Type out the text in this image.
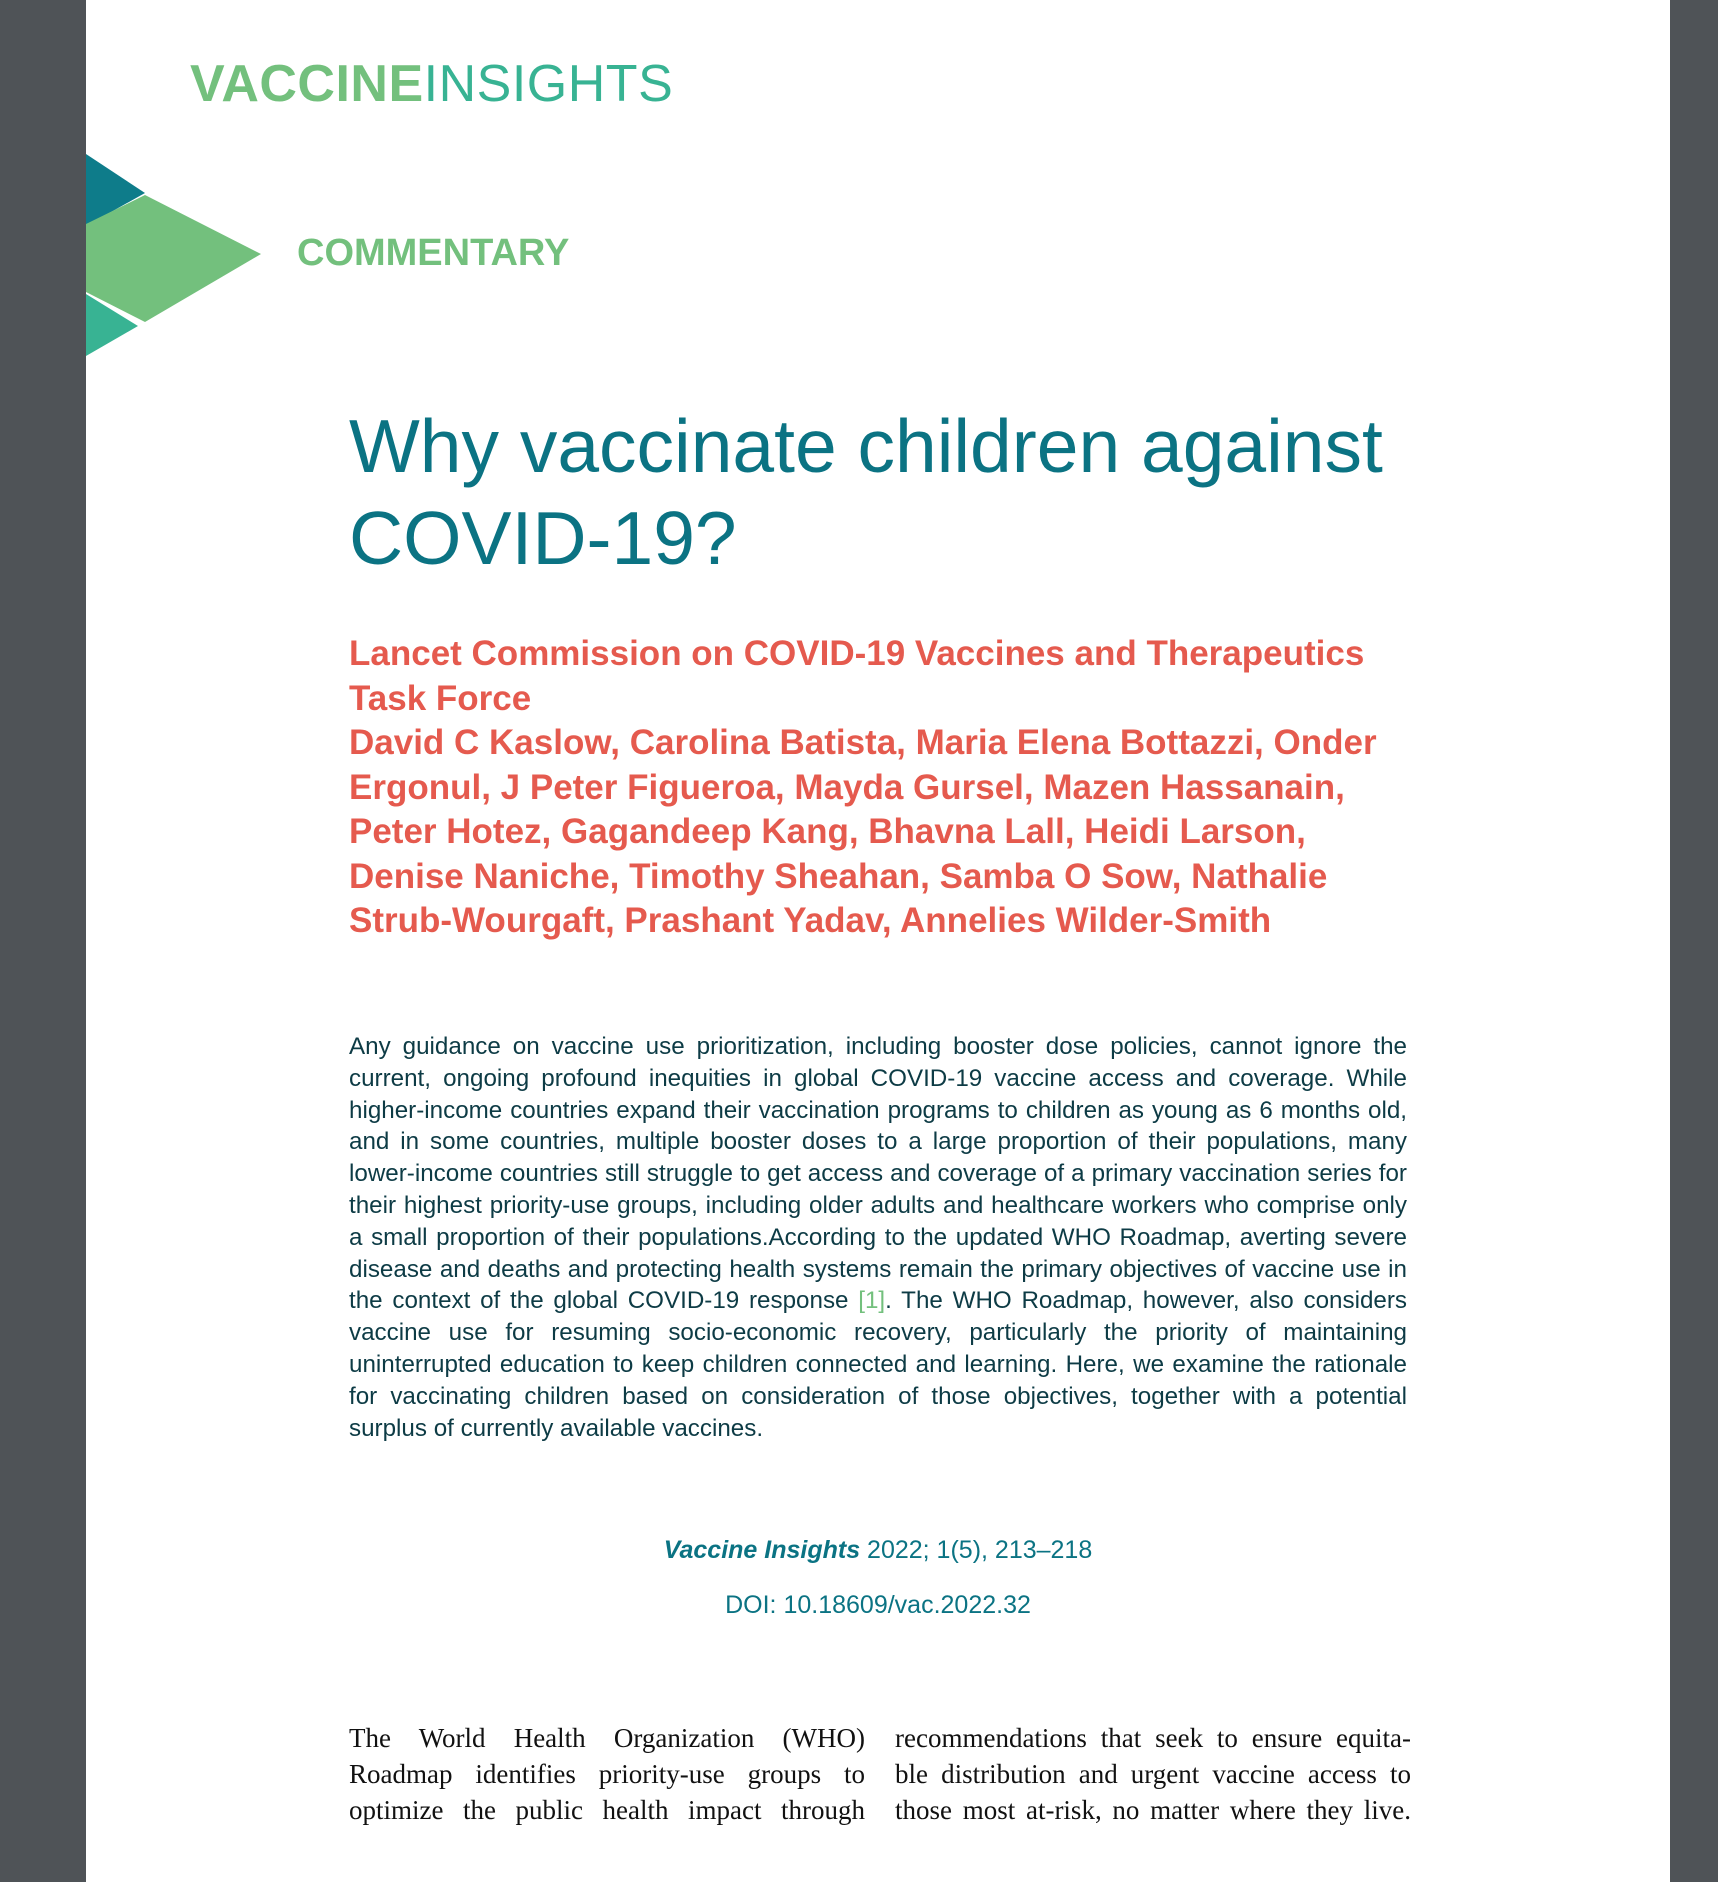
VACCINEINSIGHTS
COMMENTARY
Why vaccinate children against
COVID-19?
Lancet Commission on COVID-19 Vaccines and Therapeutics
Task Force
David C Kaslow, Carolina Batista, Maria Elena Bottazzi, Onder
Ergonul, J Peter Figueroa, Mayda Gursel, Mazen Hassanain,
Peter Hotez, Gagandeep Kang, Bhavna Lall, Heidi Larson,
Denise Naniche, Timothy Sheahan, Samba O Sow, Nathalie
Strub-Wourgaft, Prashant Yadav, Annelies Wilder-Smith

Any guidance on vaccine use prioritization, including booster dose policies, cannot ignore the current, ongoing profound inequities in global COVID-19 vaccine access and coverage. While higher-income countries expand their vaccination programs to children as young as 6 months old, and in some countries, multiple booster doses to a large proportion of their populations, many lower-income countries still struggle to get access and coverage of a primary vaccination series for their highest priority-use groups, including older adults and healthcare workers who comprise only a small proportion of their populations.According to the updated WHO Roadmap, averting severe disease and deaths and protecting health systems remain the primary objectives of vaccine use in the context of the global COVID-19 response [1]. The WHO Roadmap, however, also considers vaccine use for resuming socio-economic recovery, particularly the priority of maintaining uninterrupted education to keep children connected and learning. Here, we examine the rationale for vaccinating children based on consideration of those objectives, together with a potential surplus of currently available vaccines.

Vaccine Insights 2022; 1(5), 213–218
DOI: 10.18609/vac.2022.32
The World Health Organization (WHO)
Roadmap identifies priority-use groups to
optimize the public health impact through
recommendations that seek to ensure equita-
ble distribution and urgent vaccine access to
those most at-risk, no matter where they live.
